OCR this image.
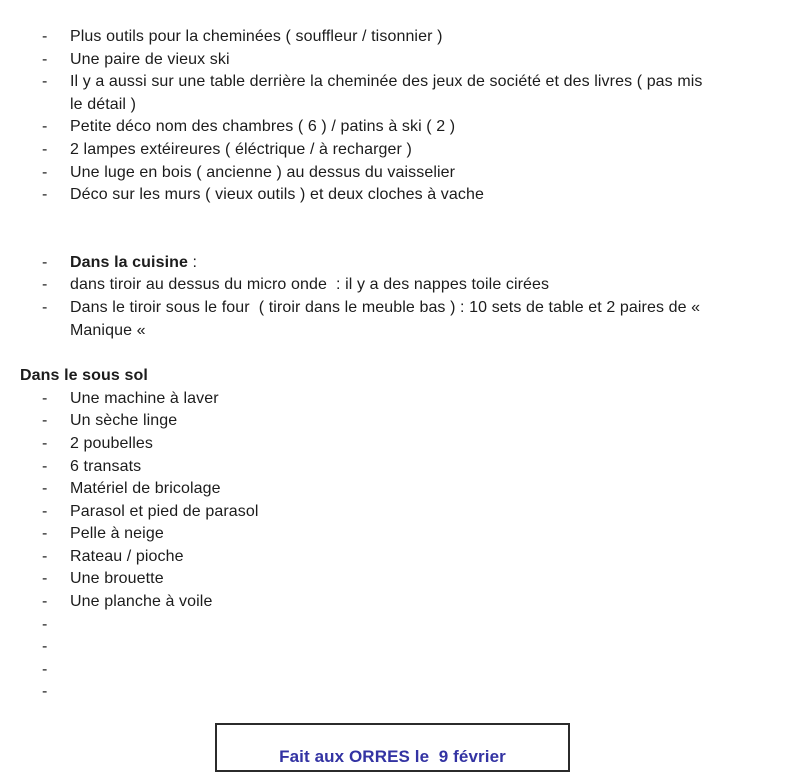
-	Plus outils pour la cheminées ( souffleur / tisonnier )
-	Une paire de vieux ski
-	Il y a aussi sur une table derrière la cheminée des jeux de société et des livres ( pas mis
le détail )
-	Petite déco nom des chambres ( 6 ) / patins à ski ( 2 )
-	2 lampes extéireures ( éléctrique / à recharger )
-	Une luge en bois ( ancienne ) au dessus du vaisselier
-	Déco sur les murs ( vieux outils ) et deux cloches à vache
-	Dans la cuisine :
-	dans tiroir au dessus du micro onde  : il y a des nappes toile cirées
-	Dans le tiroir sous le four  ( tiroir dans le meuble bas ) : 10 sets de table et 2 paires de «
Manique «
Dans le sous sol
-	Une machine à laver
-	Un sèche linge
-	2 poubelles
-	6 transats
-	Matériel de bricolage
-	Parasol et pied de parasol
-	Pelle à neige
-	Rateau / pioche
-	Une brouette
-	Une planche à voile
-
-
-
-
Fait aux ORRES le  9 février
